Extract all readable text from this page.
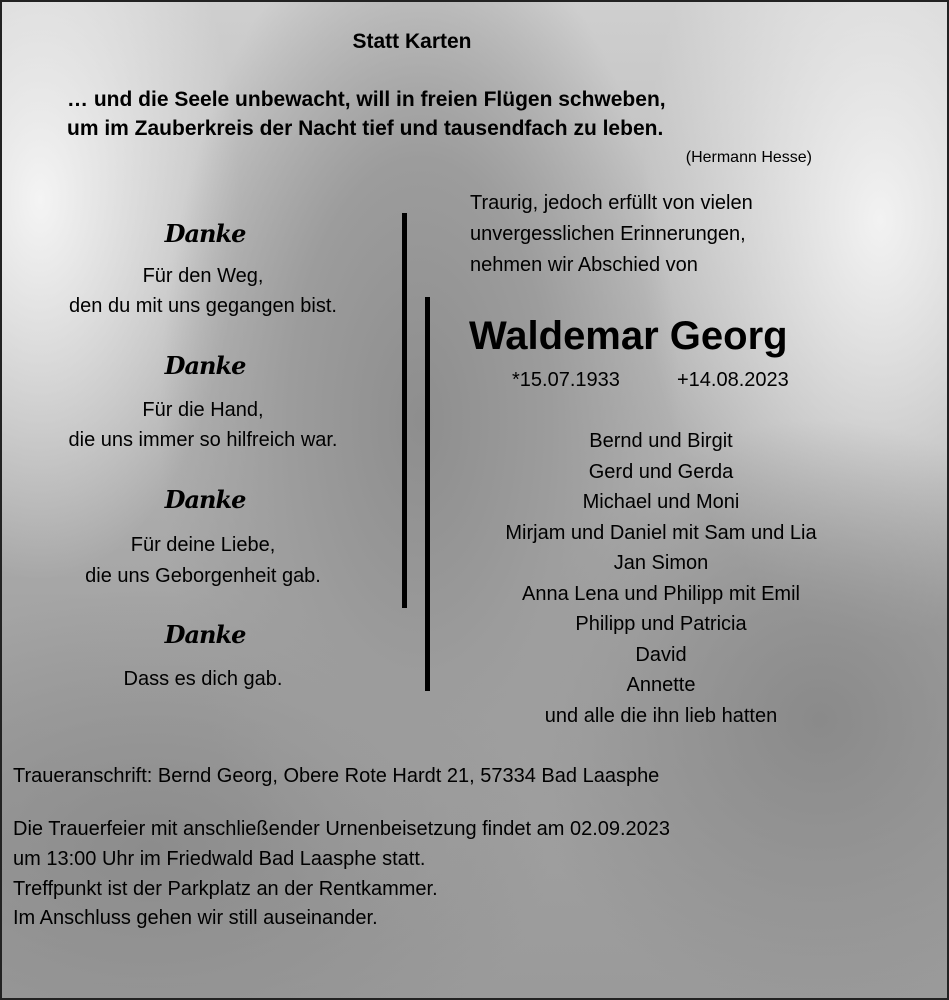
Statt Karten
… und die Seele unbewacht, will in freien Flügen schweben,
um im Zauberkreis der Nacht tief und tausendfach zu leben.
(Hermann Hesse)
Danke
Für den Weg,
den du mit uns gegangen bist.
Danke
Für die Hand,
die uns immer so hilfreich war.
Danke
Für deine Liebe,
die uns Geborgenheit gab.
Danke
Dass es dich gab.
Traurig, jedoch erfüllt von vielen
unvergesslichen Erinnerungen,
nehmen wir Abschied von
Waldemar Georg
*15.07.1933	+14.08.2023
Bernd und Birgit
Gerd und Gerda
Michael und Moni
Mirjam und Daniel mit Sam und Lia
Jan Simon
Anna Lena und Philipp mit Emil
Philipp und Patricia
David
Annette
und alle die ihn lieb hatten
Traueranschrift: Bernd Georg, Obere Rote Hardt 21, 57334 Bad Laasphe
Die Trauerfeier mit anschließender Urnenbeisetzung findet am 02.09.2023
um 13:00 Uhr im Friedwald Bad Laasphe statt.
Treffpunkt ist der Parkplatz an der Rentkammer.
Im Anschluss gehen wir still auseinander.
